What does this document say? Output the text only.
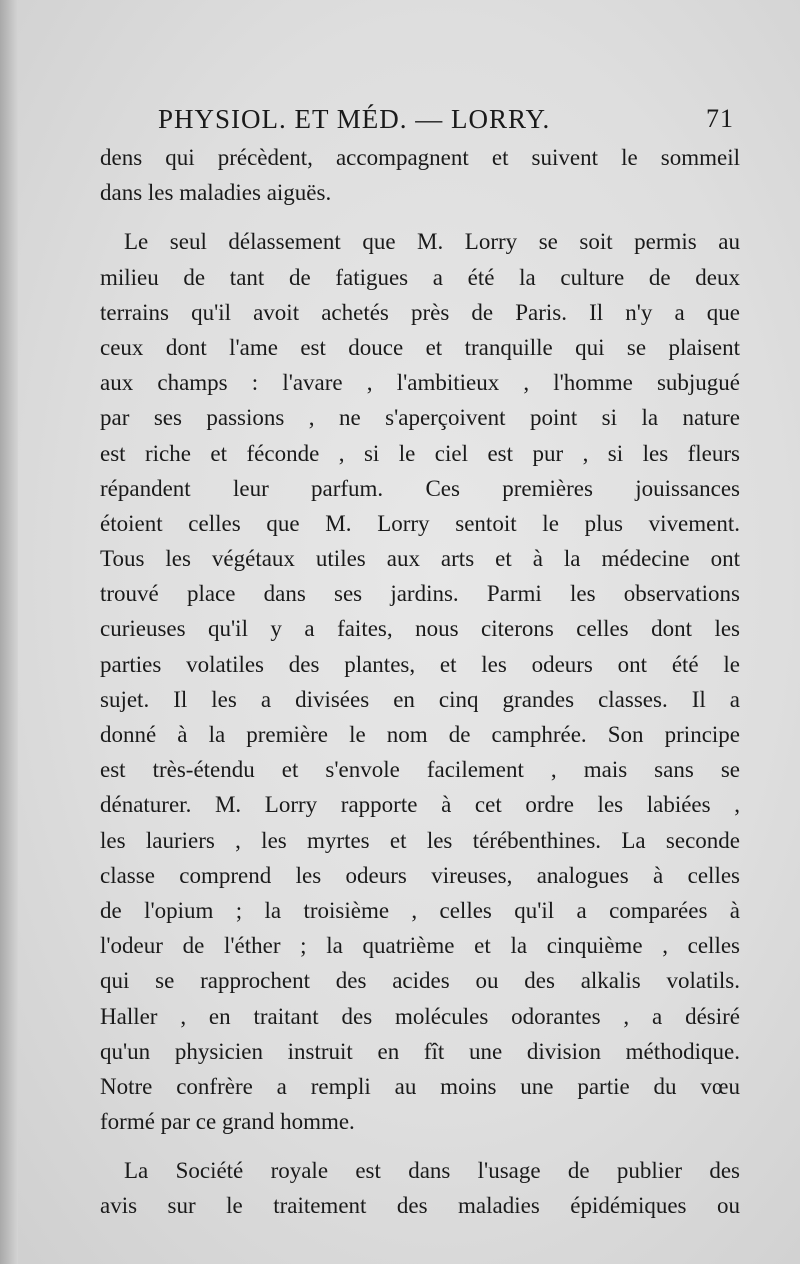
PHYSIOL. ET MÉD. — LORRY.	71
dens qui précèdent, accompagnent et suivent le sommeil
dans les maladies aiguës.
Le seul délassement que M. Lorry se soit permis au
milieu de tant de fatigues a été la culture de deux
terrains qu'il avoit achetés près de Paris. Il n'y a que
ceux dont l'ame est douce et tranquille qui se plaisent
aux champs : l'avare , l'ambitieux , l'homme subjugué
par ses passions , ne s'aperçoivent point si la nature
est riche et féconde , si le ciel est pur , si les fleurs
répandent leur parfum. Ces premières jouissances
étoient celles que M. Lorry sentoit le plus vivement.
Tous les végétaux utiles aux arts et à la médecine ont
trouvé place dans ses jardins. Parmi les observations
curieuses qu'il y a faites, nous citerons celles dont les
parties volatiles des plantes, et les odeurs ont été le
sujet. Il les a divisées en cinq grandes classes. Il a
donné à la première le nom de camphrée. Son principe
est très-étendu et s'envole facilement , mais sans se
dénaturer. M. Lorry rapporte à cet ordre les labiées ,
les lauriers , les myrtes et les térébenthines. La seconde
classe comprend les odeurs vireuses, analogues à celles
de l'opium ; la troisième , celles qu'il a comparées à
l'odeur de l'éther ; la quatrième et la cinquième , celles
qui se rapprochent des acides ou des alkalis volatils.
Haller , en traitant des molécules odorantes , a désiré
qu'un physicien instruit en fît une division méthodique.
Notre confrère a rempli au moins une partie du vœu
formé par ce grand homme.
La Société royale est dans l'usage de publier des
avis sur le traitement des maladies épidémiques ou
